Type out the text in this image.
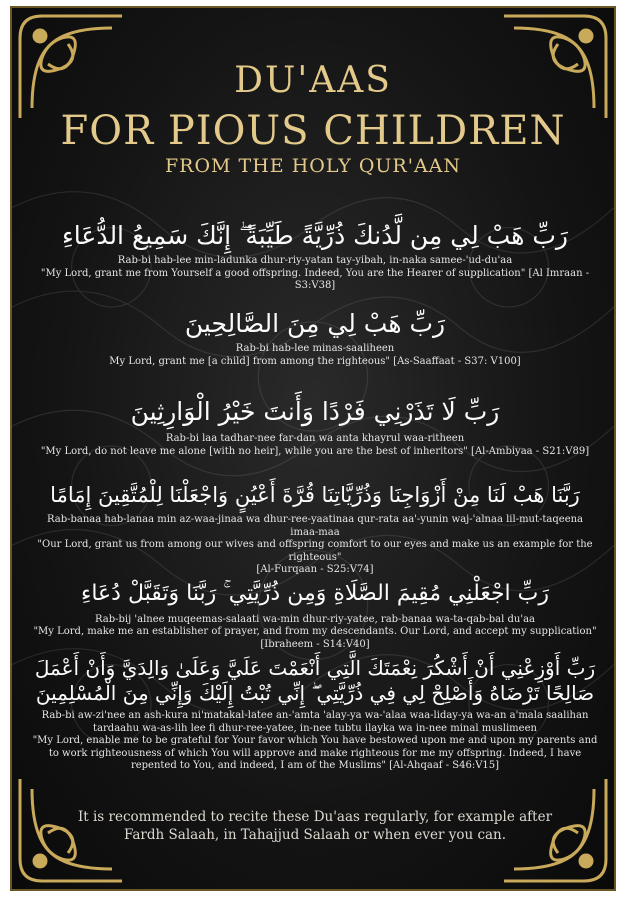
DU'AAS
FOR PIOUS CHILDREN
FROM THE HOLY QUR'AAN
رَبِّ هَبْ لِي مِن لَّدُنكَ ذُرِّيَّةً طَيِّبَةً ۖ إِنَّكَ سَمِيعُ الدُّعَاءِ
Rab-bi hab-lee min-ladunka dhur-riy-yatan tay-yibah, in-naka samee-'ud-du'aa
"My Lord, grant me from Yourself a good offspring. Indeed, You are the Hearer of supplication" [Al Imraan - S3:V38]
رَبِّ هَبْ لِي مِنَ الصَّالِحِينَ
Rab-bi hab-lee minas-saaliheen
My Lord, grant me [a child] from among the righteous" [As-Saaffaat - S37: V100]
رَبِّ لَا تَذَرْنِي فَرْدًا وَأَنتَ خَيْرُ الْوَارِثِينَ
Rab-bi laa tadhar-nee far-dan wa anta khayrul waa-ritheen
"My Lord, do not leave me alone [with no heir], while you are the best of inheritors" [Al-Ambiyaa - S21:V89]
رَبَّنَا هَبْ لَنَا مِنْ أَزْوَاجِنَا وَذُرِّيَّاتِنَا قُرَّةَ أَعْيُنٍ وَاجْعَلْنَا لِلْمُتَّقِينَ إِمَامًا
Rab-banaa hab-lanaa min az-waa-jinaa wa dhur-ree-yaatinaa qur-rata aa'-yunin waj-'alnaa lil-mut-taqeena imaa-maa
"Our Lord, grant us from among our wives and offspring comfort to our eyes and make us an example for the righteous"
[Al-Furqaan - S25:V74]
رَبِّ اجْعَلْنِي مُقِيمَ الصَّلَاةِ وَمِن ذُرِّيَّتِي ۚ رَبَّنَا وَتَقَبَّلْ دُعَاءِ
Rab-bij 'alnee muqeemas-salaati wa-min dhur-riy-yatee, rab-banaa wa-ta-qab-bal du'aa
"My Lord, make me an establisher of prayer, and from my descendants. Our Lord, and accept my supplication" [Ibraheem - S14:V40]
رَبِّ أَوْزِعْنِي أَنْ أَشْكُرَ نِعْمَتَكَ الَّتِي أَنْعَمْتَ عَلَيَّ وَعَلَىٰ وَالِدَيَّ وَأَنْ أَعْمَلَ
صَالِحًا تَرْضَاهُ وَأَصْلِحْ لِي فِي ذُرِّيَّتِي ۖ إِنِّي تُبْتُ إِلَيْكَ وَإِنِّي مِنَ الْمُسْلِمِينَ
Rab-bi aw-zi'nee an ash-kura ni'matakal-latee an-'amta 'alay-ya wa-'alaa waa-liday-ya wa-an a'mala saalihan tardaahu wa-as-lih lee fi dhur-ree-yatee, in-nee tubtu ilayka wa in-nee minal muslimeen
"My Lord, enable me to be grateful for Your favor which You have bestowed upon me and upon my parents and to work righteousness of which You will approve and make righteous for me my offspring. Indeed, I have repented to You, and indeed, I am of the Muslims" [Al-Ahqaaf - S46:V15]
It is recommended to recite these Du'aas regularly, for example after
Fardh Salaah, in Tahajjud Salaah or when ever you can.
